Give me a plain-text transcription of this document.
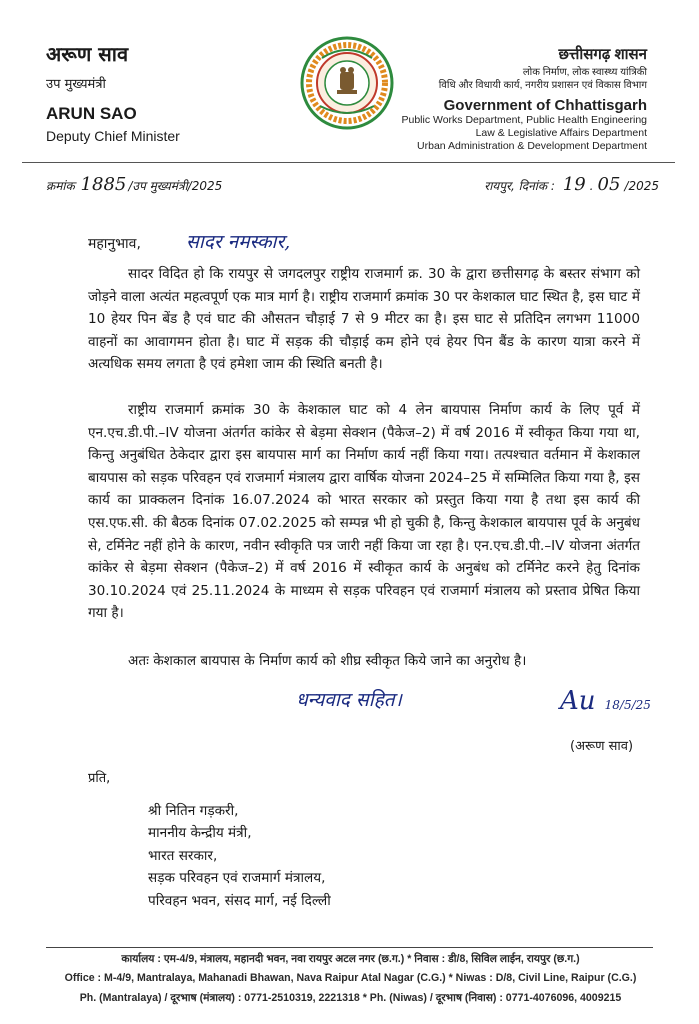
अरूण साव
उप मुख्यमंत्री
ARUN SAO
Deputy Chief Minister
छत्तीसगढ़ शासन
लोक निर्माण, लोक स्वास्थ्य यांत्रिकी
विधि और विधायी कार्य, नगरीय प्रशासन एवं विकास विभाग
Government of Chhattisgarh
Public Works Department, Public Health Engineering
Law & Legislative Affairs Department
Urban Administration & Development Department
क्रमांक 1885 /उप मुख्यमंत्री/2025	रायपुर, दिनांक : 19 . 05 /2025
महानुभाव, सादर नमस्कार,
सादर विदित हो कि रायपुर से जगदलपुर राष्ट्रीय राजमार्ग क्र. 30 के द्वारा छत्तीसगढ़ के बस्तर संभाग को जोड़ने वाला अत्यंत महत्वपूर्ण एक मात्र मार्ग है। राष्ट्रीय राजमार्ग क्रमांक 30 पर केशकाल घाट स्थित है, इस घाट में 10 हेयर पिन बेंड है एवं घाट की औसतन चौड़ाई 7 से 9 मीटर का है। इस घाट से प्रतिदिन लगभग 11000 वाहनों का आवागमन होता है। घाट में सड़क की चौड़ाई कम होने एवं हेयर पिन बैंड के कारण यात्रा करने में अत्यधिक समय लगता है एवं हमेशा जाम की स्थिति बनती है।
राष्ट्रीय राजमार्ग क्रमांक 30 के केशकाल घाट को 4 लेन बायपास निर्माण कार्य के लिए पूर्व में एन.एच.डी.पी.–IV योजना अंतर्गत कांकेर से बेड़मा सेक्शन (पैकेज–2) में वर्ष 2016 में स्वीकृत किया गया था, किन्तु अनुबंधित ठेकेदार द्वारा इस बायपास मार्ग का निर्माण कार्य नहीं किया गया। तत्पश्चात वर्तमान में केशकाल बायपास को सड़क परिवहन एवं राजमार्ग मंत्रालय द्वारा वार्षिक योजना 2024–25 में सम्मिलित किया गया है, इस कार्य का प्राक्कलन दिनांक 16.07.2024 को भारत सरकार को प्रस्तुत किया गया है तथा इस कार्य की एस.एफ.सी. की बैठक दिनांक 07.02.2025 को सम्पन्न भी हो चुकी है, किन्तु केशकाल बायपास पूर्व के अनुबंध से, टर्मिनेट नहीं होने के कारण, नवीन स्वीकृति पत्र जारी नहीं किया जा रहा है। एन.एच.डी.पी.–IV योजना अंतर्गत कांकेर से बेड़मा सेक्शन (पैकेज–2) में वर्ष 2016 में स्वीकृत कार्य के अनुबंध को टर्मिनेट करने हेतु दिनांक 30.10.2024 एवं 25.11.2024 के माध्यम से सड़क परिवहन एवं राजमार्ग मंत्रालय को प्रस्ताव प्रेषित किया गया है।
अतः केशकाल बायपास के निर्माण कार्य को शीघ्र स्वीकृत किये जाने का अनुरोध है।
धन्यवाद सहित।	Au 18/5/25
(अरूण साव)
प्रति,
श्री नितिन गड़करी,
माननीय केन्द्रीय मंत्री,
भारत सरकार,
सड़क परिवहन एवं राजमार्ग मंत्रालय,
परिवहन भवन, संसद मार्ग, नई दिल्ली
कार्यालय : एम-4/9, मंत्रालय, महानदी भवन, नवा रायपुर अटल नगर (छ.ग.) * निवास : डी/8, सिविल लाईन, रायपुर (छ.ग.)
Office : M-4/9, Mantralaya, Mahanadi Bhawan, Nava Raipur Atal Nagar (C.G.) * Niwas : D/8, Civil Line, Raipur (C.G.)
Ph. (Mantralaya) / दूरभाष (मंत्रालय) : 0771-2510319, 2221318 * Ph. (Niwas) / दूरभाष (निवास) : 0771-4076096, 4009215
